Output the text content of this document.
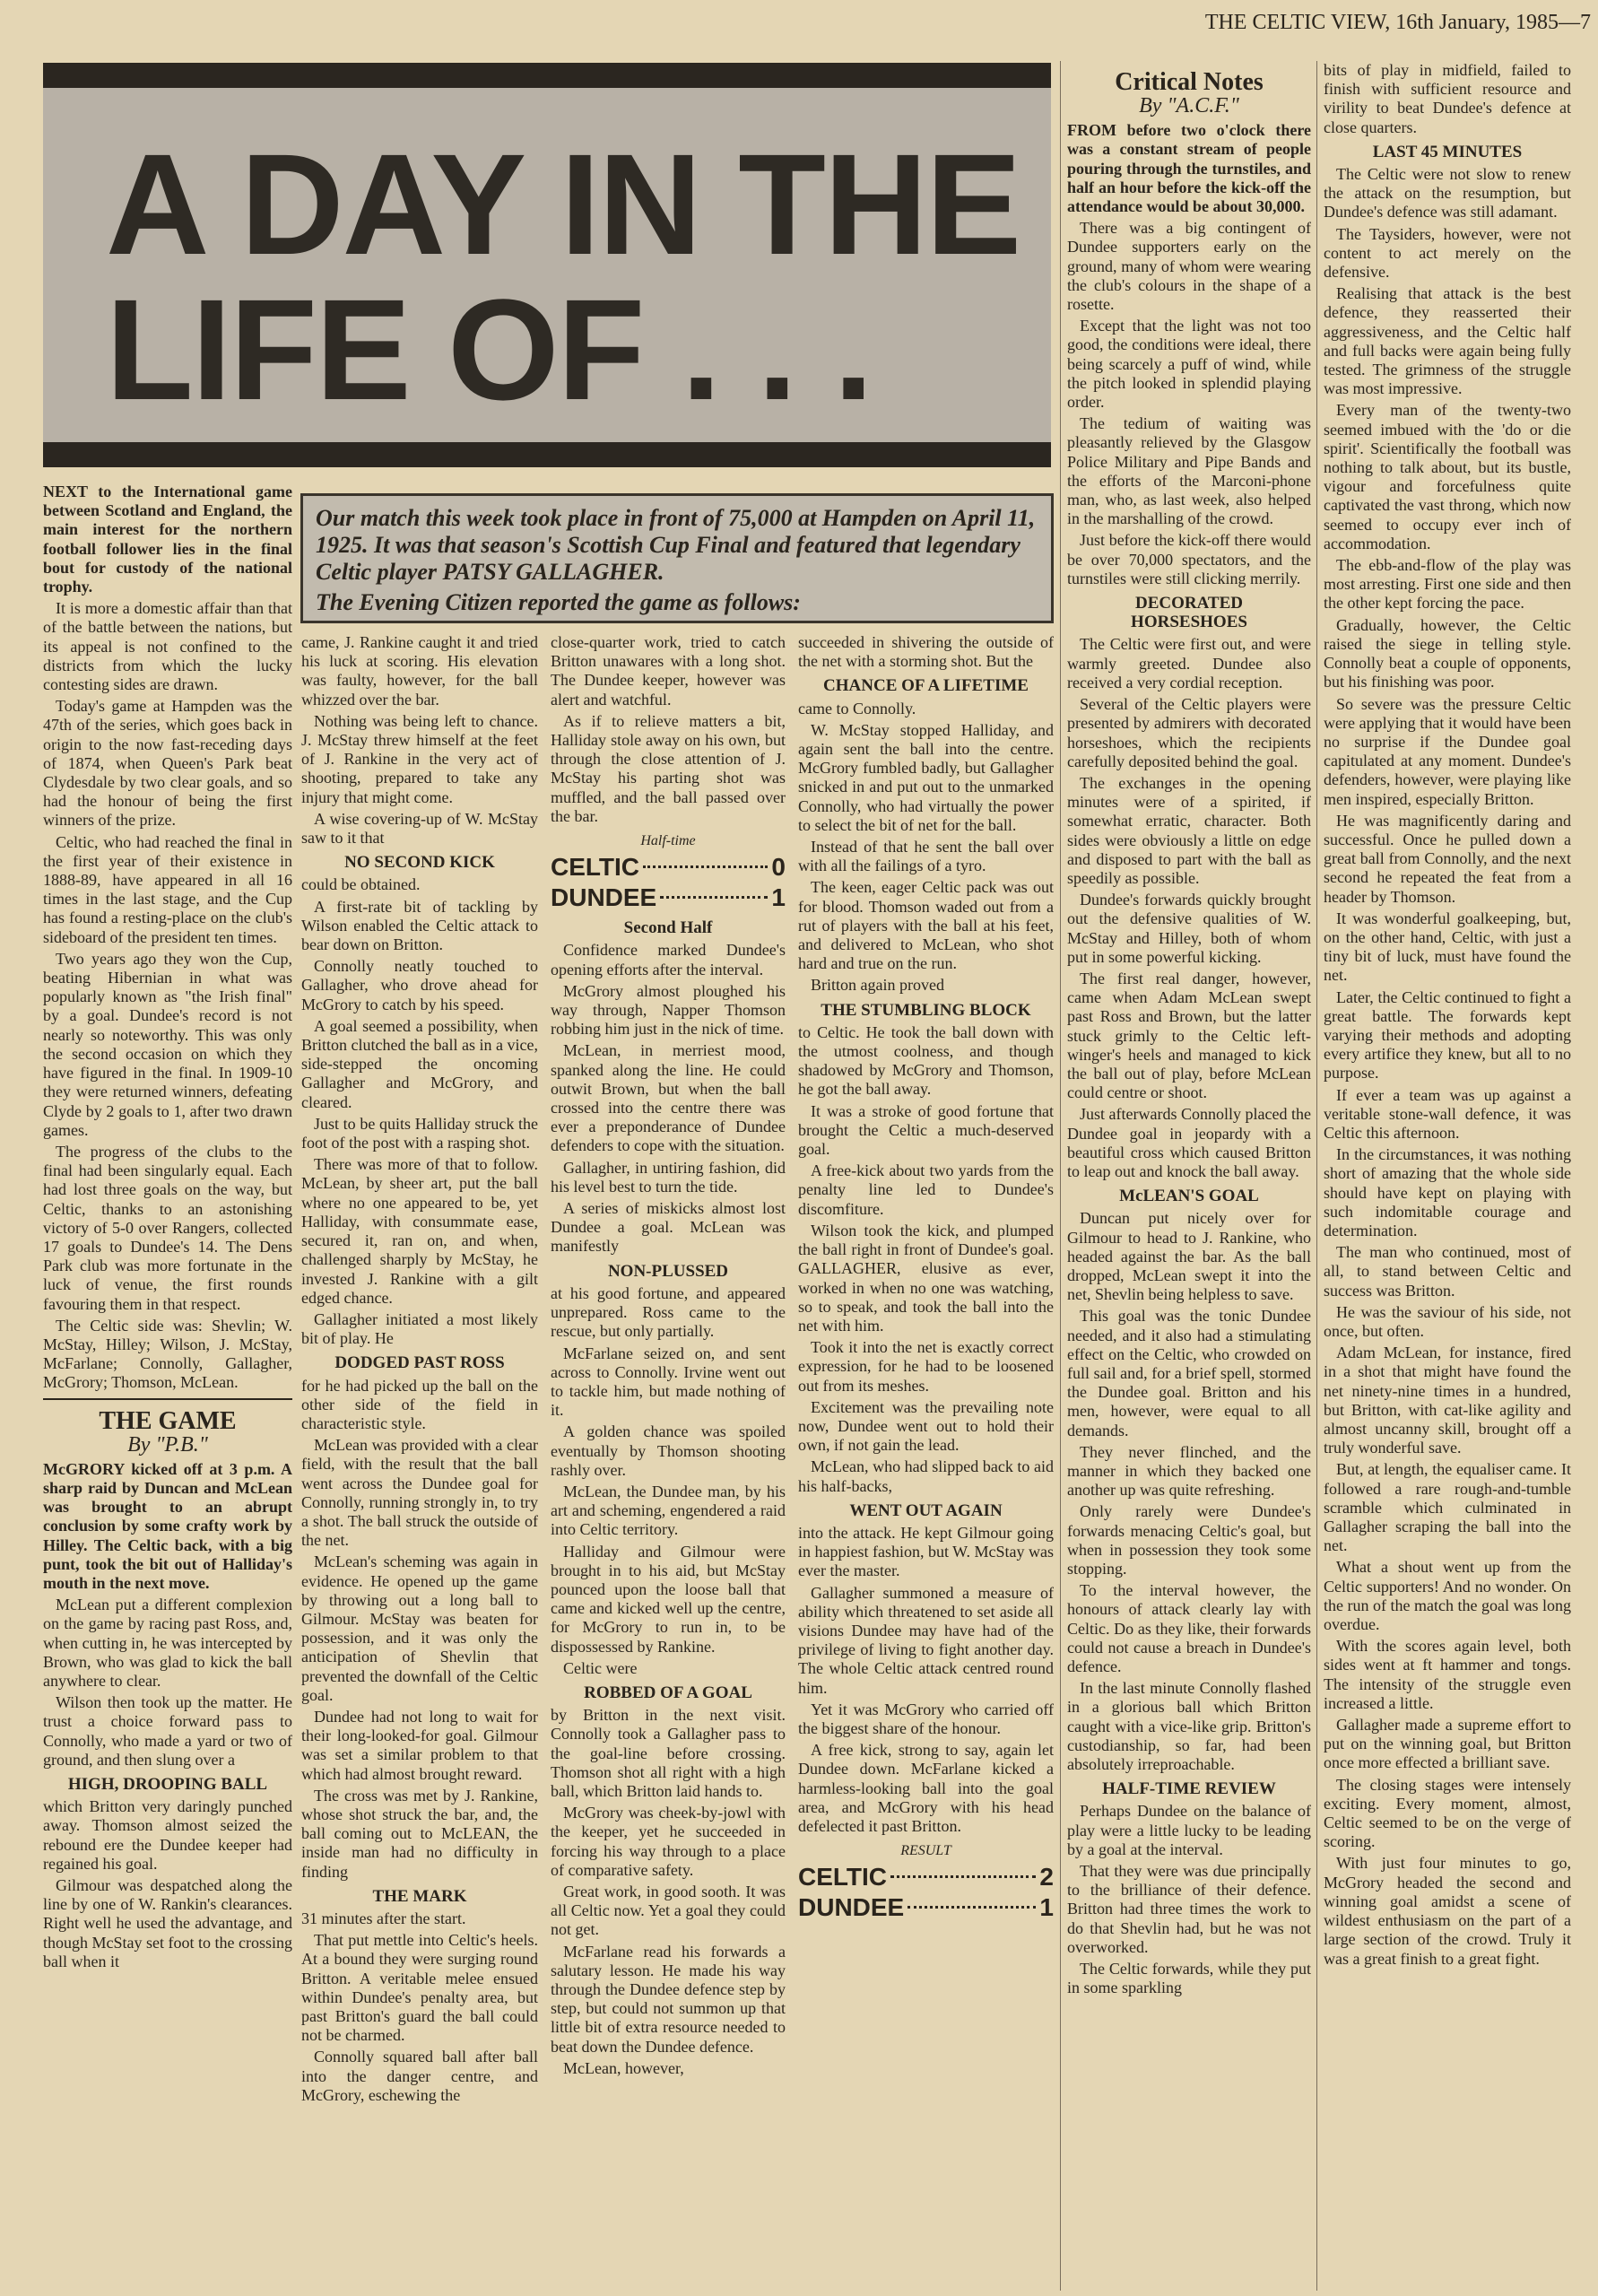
THE CELTIC VIEW, 16th January, 1985—7
A DAY IN THE
LIFE OF . . .
Our match this week took place in front of 75,000 at Hampden on April 11, 1925. It was that season's Scottish Cup Final and featured that legendary Celtic player PATSY GALLAGHER.
The Evening Citizen reported the game as follows:

NEXT to the International game between Scotland and England, the main interest for the northern football follower lies in the final bout for custody of the national trophy.

It is more a domestic affair than that of the battle between the nations, but its appeal is not confined to the districts from which the lucky contesting sides are drawn.

Today's game at Hampden was the 47th of the series, which goes back in origin to the now fast-receding days of 1874, when Queen's Park beat Clydesdale by two clear goals, and so had the honour of being the first winners of the prize.

Celtic, who had reached the final in the first year of their existence in 1888-89, have appeared in all 16 times in the last stage, and the Cup has found a resting-place on the club's sideboard of the president ten times.

Two years ago they won the Cup, beating Hibernian in what was popularly known as "the Irish final" by a goal. Dundee's record is not nearly so noteworthy. This was only the second occasion on which they have figured in the final. In 1909-10 they were returned winners, defeating Clyde by 2 goals to 1, after two drawn games.

The progress of the clubs to the final had been singularly equal. Each had lost three goals on the way, but Celtic, thanks to an astonishing victory of 5-0 over Rangers, collected 17 goals to Dundee's 14. The Dens Park club was more fortunate in the luck of venue, the first rounds favouring them in that respect.

The Celtic side was: Shevlin; W. McStay, Hilley; Wilson, J. McStay, McFarlane; Connolly, Gallagher, McGrory; Thomson, McLean.

THE GAME

By "P.B."

McGRORY kicked off at 3 p.m. A sharp raid by Duncan and McLean was brought to an abrupt conclusion by some crafty work by Hilley. The Celtic back, with a big punt, took the bit out of Halliday's mouth in the next move.

McLean put a different complexion on the game by racing past Ross, and, when cutting in, he was intercepted by Brown, who was glad to kick the ball anywhere to clear.

Wilson then took up the matter. He trust a choice forward pass to Connolly, who made a yard or two of ground, and then slung over a

HIGH, DROOPING BALL

which Britton very daringly punched away. Thomson almost seized the rebound ere the Dundee keeper had regained his goal.

Gilmour was despatched along the line by one of W. Rankin's clearances. Right well he used the advantage, and though McStay set foot to the crossing ball when it

came, J. Rankine caught it and tried his luck at scoring. His elevation was faulty, however, for the ball whizzed over the bar.

Nothing was being left to chance. J. McStay threw himself at the feet of J. Rankine in the very act of shooting, prepared to take any injury that might come.

A wise covering-up of W. McStay saw to it that

NO SECOND KICK

could be obtained.

A first-rate bit of tackling by Wilson enabled the Celtic attack to bear down on Britton.

Connolly neatly touched to Gallagher, who drove ahead for McGrory to catch by his speed.

A goal seemed a possibility, when Britton clutched the ball as in a vice, side-stepped the oncoming Gallagher and McGrory, and cleared.

Just to be quits Halliday struck the foot of the post with a rasping shot.

There was more of that to follow. McLean, by sheer art, put the ball where no one appeared to be, yet Halliday, with consummate ease, secured it, ran on, and when, challenged sharply by McStay, he invested J. Rankine with a gilt edged chance.

Gallagher initiated a most likely bit of play. He

DODGED PAST ROSS

for he had picked up the ball on the other side of the field in characteristic style.

McLean was provided with a clear field, with the result that the ball went across the Dundee goal for Connolly, running strongly in, to try a shot. The ball struck the outside of the net.

McLean's scheming was again in evidence. He opened up the game by throwing out a long ball to Gilmour. McStay was beaten for possession, and it was only the anticipation of Shevlin that prevented the downfall of the Celtic goal.

Dundee had not long to wait for their long-looked-for goal. Gilmour was set a similar problem to that which had almost brought reward.

The cross was met by J. Rankine, whose shot struck the bar, and, the ball coming out to McLEAN, the inside man had no difficulty in finding

THE MARK

31 minutes after the start.

That put mettle into Celtic's heels. At a bound they were surging round Britton. A veritable melee ensued within Dundee's penalty area, but past Britton's guard the ball could not be charmed.

Connolly squared ball after ball into the danger centre, and McGrory, eschewing the

close-quarter work, tried to catch Britton unawares with a long shot. The Dundee keeper, however was alert and watchful.

As if to relieve matters a bit, Halliday stole away on his own, but through the close attention of J. McStay his parting shot was muffled, and the ball passed over the bar.

Half-time

CELTIC	0
DUNDEE	1

Second Half

Confidence marked Dundee's opening efforts after the interval.

McGrory almost ploughed his way through, Napper Thomson robbing him just in the nick of time.

McLean, in merriest mood, spanked along the line. He could outwit Brown, but when the ball crossed into the centre there was ever a preponderance of Dundee defenders to cope with the situation.

Gallagher, in untiring fashion, did his level best to turn the tide.

A series of miskicks almost lost Dundee a goal. McLean was manifestly

NON-PLUSSED

at his good fortune, and appeared unprepared. Ross came to the rescue, but only partially.

McFarlane seized on, and sent across to Connolly. Irvine went out to tackle him, but made nothing of it.

A golden chance was spoiled eventually by Thomson shooting rashly over.

McLean, the Dundee man, by his art and scheming, engendered a raid into Celtic territory.

Halliday and Gilmour were brought in to his aid, but McStay pounced upon the loose ball that came and kicked well up the centre, for McGrory to run in, to be dispossessed by Rankine.

Celtic were

ROBBED OF A GOAL

by Britton in the next visit. Connolly took a Gallagher pass to the goal-line before crossing. Thomson shot all right with a high ball, which Britton laid hands to.

McGrory was cheek-by-jowl with the keeper, yet he succeeded in forcing his way through to a place of comparative safety.

Great work, in good sooth. It was all Celtic now. Yet a goal they could not get.

McFarlane read his forwards a salutary lesson. He made his way through the Dundee defence step by step, but could not summon up that little bit of extra resource needed to beat down the Dundee defence.

McLean, however,

succeeded in shivering the outside of the net with a storming shot. But the

CHANCE OF A LIFETIME

came to Connolly.

W. McStay stopped Halliday, and again sent the ball into the centre. McGrory fumbled badly, but Gallagher snicked in and put out to the unmarked Connolly, who had virtually the power to select the bit of net for the ball.

Instead of that he sent the ball over with all the failings of a tyro.

The keen, eager Celtic pack was out for blood. Thomson waded out from a rut of players with the ball at his feet, and delivered to McLean, who shot hard and true on the run.

Britton again proved

THE STUMBLING BLOCK

to Celtic. He took the ball down with the utmost coolness, and though shadowed by McGrory and Thomson, he got the ball away.

It was a stroke of good fortune that brought the Celtic a much-deserved goal.

A free-kick about two yards from the penalty line led to Dundee's discomfiture.

Wilson took the kick, and plumped the ball right in front of Dundee's goal. GALLAGHER, elusive as ever, worked in when no one was watching, so to speak, and took the ball into the net with him.

Took it into the net is exactly correct expression, for he had to be loosened out from its meshes.

Excitement was the prevailing note now, Dundee went out to hold their own, if not gain the lead.

McLean, who had slipped back to aid his half-backs,

WENT OUT AGAIN

into the attack. He kept Gilmour going in happiest fashion, but W. McStay was ever the master.

Gallagher summoned a measure of ability which threatened to set aside all visions Dundee may have had of the privilege of living to fight another day. The whole Celtic attack centred round him.

Yet it was McGrory who carried off the biggest share of the honour.

A free kick, strong to say, again let Dundee down. McFarlane kicked a harmless-looking ball into the goal area, and McGrory with his head defelected it past Britton.

RESULT

CELTIC	2
DUNDEE	1

Critical Notes

By "A.C.F."

FROM before two o'clock there was a constant stream of people pouring through the turnstiles, and half an hour before the kick-off the attendance would be about 30,000.

There was a big contingent of Dundee supporters early on the ground, many of whom were wearing the club's colours in the shape of a rosette.

Except that the light was not too good, the conditions were ideal, there being scarcely a puff of wind, while the pitch looked in splendid playing order.

The tedium of waiting was pleasantly relieved by the Glasgow Police Military and Pipe Bands and the efforts of the Marconi-phone man, who, as last week, also helped in the marshalling of the crowd.

Just before the kick-off there would be over 70,000 spectators, and the turnstiles were still clicking merrily.

DECORATED

HORSESHOES

The Celtic were first out, and were warmly greeted. Dundee also received a very cordial reception.

Several of the Celtic players were presented by admirers with decorated horseshoes, which the recipients carefully deposited behind the goal.

The exchanges in the opening minutes were of a spirited, if somewhat erratic, character. Both sides were obviously a little on edge and disposed to part with the ball as speedily as possible.

Dundee's forwards quickly brought out the defensive qualities of W. McStay and Hilley, both of whom put in some powerful kicking.

The first real danger, however, came when Adam McLean swept past Ross and Brown, but the latter stuck grimly to the Celtic left-winger's heels and managed to kick the ball out of play, before McLean could centre or shoot.

Just afterwards Connolly placed the Dundee goal in jeopardy with a beautiful cross which caused Britton to leap out and knock the ball away.

McLEAN'S GOAL

Duncan put nicely over for Gilmour to head to J. Rankine, who headed against the bar. As the ball dropped, McLean swept it into the net, Shevlin being helpless to save.

This goal was the tonic Dundee needed, and it also had a stimulating effect on the Celtic, who crowded on full sail and, for a brief spell, stormed the Dundee goal. Britton and his men, however, were equal to all demands.

They never flinched, and the manner in which they backed one another up was quite refreshing.

Only rarely were Dundee's forwards menacing Celtic's goal, but when in possession they took some stopping.

To the interval however, the honours of attack clearly lay with Celtic. Do as they like, their forwards could not cause a breach in Dundee's defence.

In the last minute Connolly flashed in a glorious ball which Britton caught with a vice-like grip. Britton's custodianship, so far, had been absolutely irreproachable.

HALF-TIME REVIEW

Perhaps Dundee on the balance of play were a little lucky to be leading by a goal at the interval.

That they were was due principally to the brilliance of their defence. Britton had three times the work to do that Shevlin had, but he was not overworked.

The Celtic forwards, while they put in some sparkling

bits of play in midfield, failed to finish with sufficient resource and virility to beat Dundee's defence at close quarters.

LAST 45 MINUTES

The Celtic were not slow to renew the attack on the resumption, but Dundee's defence was still adamant.

The Taysiders, however, were not content to act merely on the defensive.

Realising that attack is the best defence, they reasserted their aggressiveness, and the Celtic half and full backs were again being fully tested. The grimness of the struggle was most impressive.

Every man of the twenty-two seemed imbued with the 'do or die spirit'. Scientifically the football was nothing to talk about, but its bustle, vigour and forcefulness quite captivated the vast throng, which now seemed to occupy ever inch of accommodation.

The ebb-and-flow of the play was most arresting. First one side and then the other kept forcing the pace.

Gradually, however, the Celtic raised the siege in telling style. Connolly beat a couple of opponents, but his finishing was poor.

So severe was the pressure Celtic were applying that it would have been no surprise if the Dundee goal capitulated at any moment. Dundee's defenders, however, were playing like men inspired, especially Britton.

He was magnificently daring and successful. Once he pulled down a great ball from Connolly, and the next second he repeated the feat from a header by Thomson.

It was wonderful goalkeeping, but, on the other hand, Celtic, with just a tiny bit of luck, must have found the net.

Later, the Celtic continued to fight a great battle. The forwards kept varying their methods and adopting every artifice they knew, but all to no purpose.

If ever a team was up against a veritable stone-wall defence, it was Celtic this afternoon.

In the circumstances, it was nothing short of amazing that the whole side should have kept on playing with such indomitable courage and determination.

The man who continued, most of all, to stand between Celtic and success was Britton.

He was the saviour of his side, not once, but often.

Adam McLean, for instance, fired in a shot that might have found the net ninety-nine times in a hundred, but Britton, with cat-like agility and almost uncanny skill, brought off a truly wonderful save.

But, at length, the equaliser came. It followed a rare rough-and-tumble scramble which culminated in Gallagher scraping the ball into the net.

What a shout went up from the Celtic supporters! And no wonder. On the run of the match the goal was long overdue.

With the scores again level, both sides went at ft hammer and tongs. The intensity of the struggle even increased a little.

Gallagher made a supreme effort to put on the winning goal, but Britton once more effected a brilliant save.

The closing stages were intensely exciting. Every moment, almost, Celtic seemed to be on the verge of scoring.

With just four minutes to go, McGrory headed the second and winning goal amidst a scene of wildest enthusiasm on the part of a large section of the crowd. Truly it was a great finish to a great fight.
